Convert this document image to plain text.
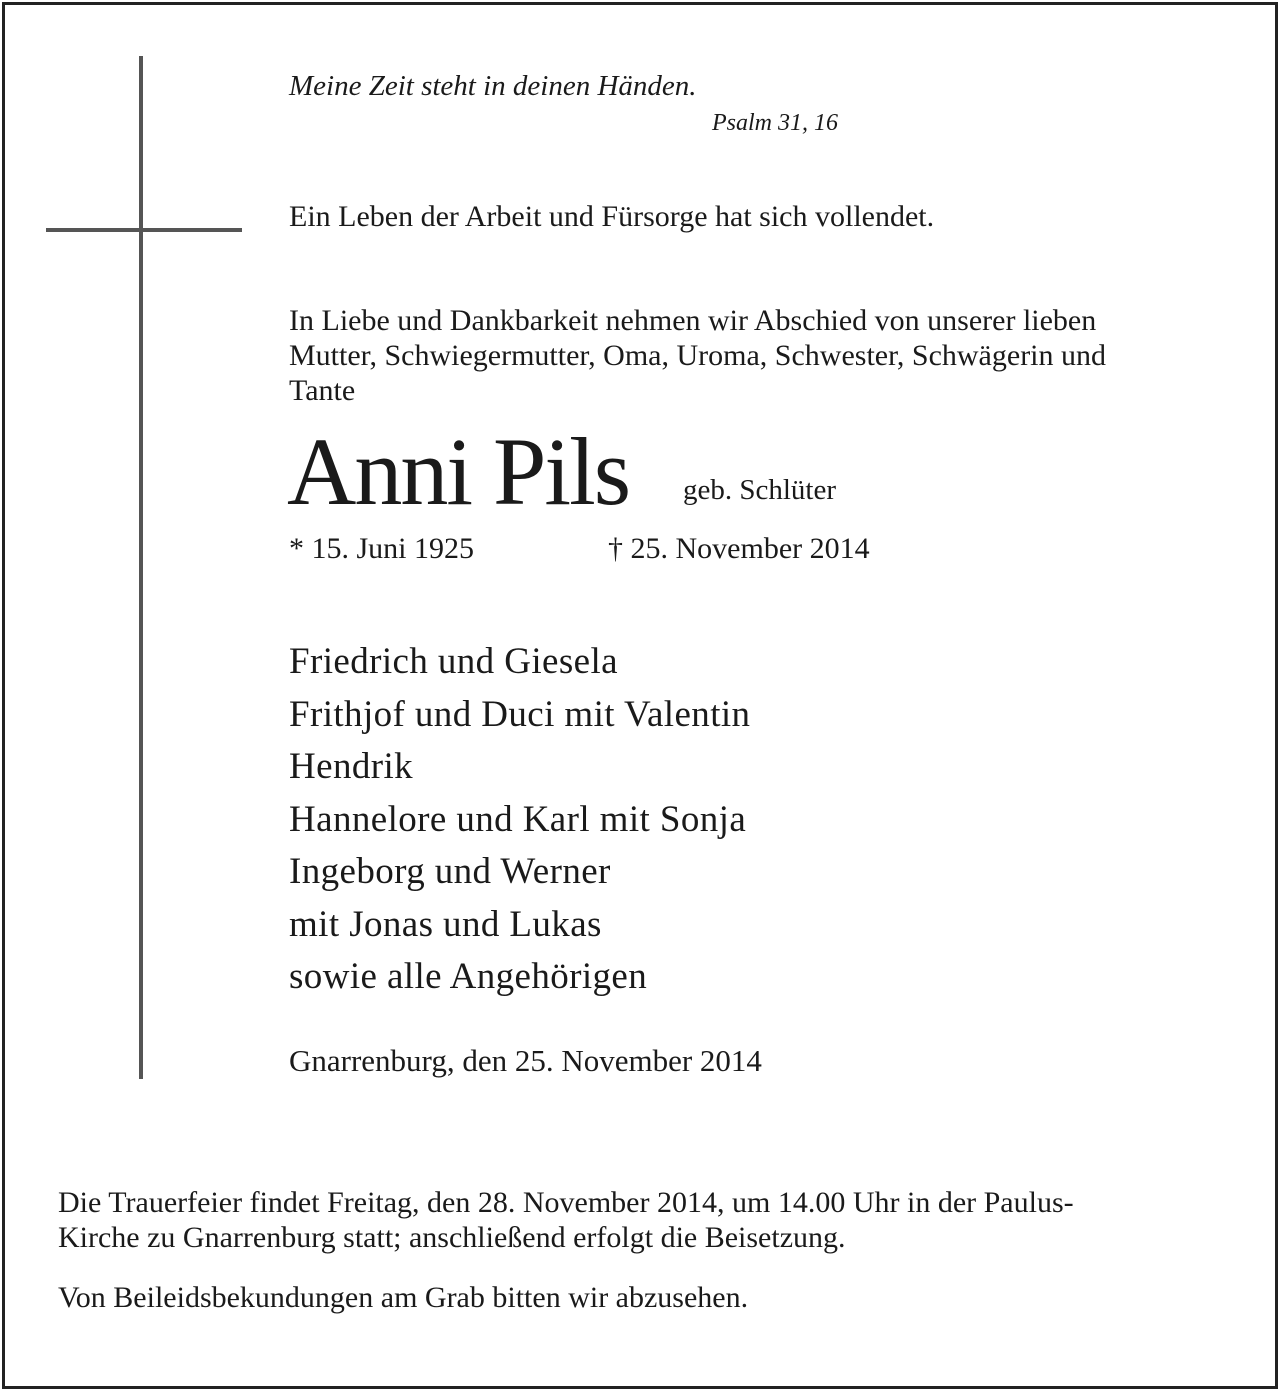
Meine Zeit steht in deinen Händen.
Psalm 31, 16
Ein Leben der Arbeit und Fürsorge hat sich vollendet.
In Liebe und Dankbarkeit nehmen wir Abschied von unserer lieben
Mutter, Schwiegermutter, Oma, Uroma, Schwester, Schwägerin und
Tante
Anni Pils geb. Schlüter
* 15. Juni 1925	† 25. November 2014
Friedrich und Giesela
Frithjof und Duci mit Valentin
Hendrik
Hannelore und Karl mit Sonja
Ingeborg und Werner
mit Jonas und Lukas
sowie alle Angehörigen
Gnarrenburg, den 25. November 2014
Die Trauerfeier findet Freitag, den 28. November 2014, um 14.00 Uhr in der Paulus-
Kirche zu Gnarrenburg statt; anschließend erfolgt die Beisetzung.
Von Beileidsbekundungen am Grab bitten wir abzusehen.
